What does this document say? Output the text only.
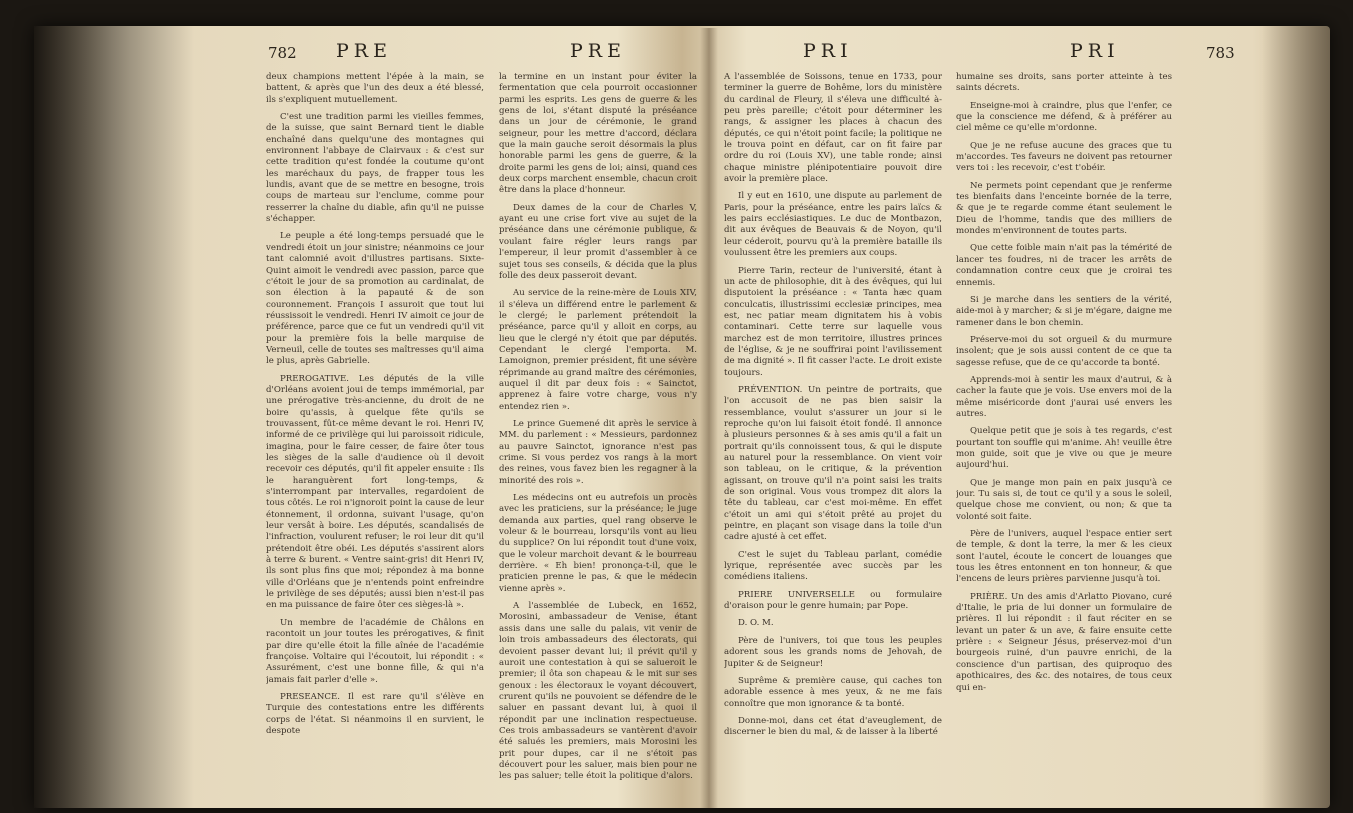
782 PRE	PRE

deux champions mettent l'épée à la main, se battent, & après que l'un des deux a été blessé, ils s'expliquent mutuellement.

C'est une tradition parmi les vieilles femmes, de la suisse, que saint Bernard tient le diable enchaîné dans quelqu'une des montagnes qui environnent l'abbaye de Clairvaux : & c'est sur cette tradition qu'est fondée la coutume qu'ont les maréchaux du pays, de frapper tous les lundis, avant que de se mettre en besogne, trois coups de marteau sur l'enclume, comme pour resserrer la chaîne du diable, afin qu'il ne puisse s'échapper.

Le peuple a été long-temps persuadé que le vendredi étoit un jour sinistre; néanmoins ce jour tant calomnié avoit d'illustres partisans. Sixte-Quint aimoit le vendredi avec passion, parce que c'étoit le jour de sa promotion au cardinalat, de son élection à la papauté & de son couronnement. François I assuroit que tout lui réussissoit le vendredi. Henri IV aimoit ce jour de préférence, parce que ce fut un vendredi qu'il vit pour la première fois la belle marquise de Verneuil, celle de toutes ses maîtresses qu'il aima le plus, après Gabrielle.

PREROGATIVE. Les députés de la ville d'Orléans avoient joui de temps immémorial, par une prérogative très-ancienne, du droit de ne boire qu'assis, à quelque fête qu'ils se trouvassent, fût-ce même devant le roi. Henri IV, informé de ce privilège qui lui paroissoit ridicule, imagina, pour le faire cesser, de faire ôter tous les sièges de la salle d'audience où il devoit recevoir ces députés, qu'il fit appeler ensuite : Ils le haranguèrent fort long-temps, & s'interrompant par intervalles, regardoient de tous côtés. Le roi n'ignoroit point la cause de leur étonnement, il ordonna, suivant l'usage, qu'on leur versât à boire. Les députés, scandalisés de l'infraction, voulurent refuser; le roi leur dit qu'il prétendoit être obéi. Les députés s'assirent alors à terre & burent. « Ventre saint-gris! dit Henri IV, ils sont plus fins que moi; répondez à ma bonne ville d'Orléans que je n'entends point enfreindre le privilège de ses députés; aussi bien n'est-il pas en ma puissance de faire ôter ces sièges-là ».

Un membre de l'académie de Châlons en racontoit un jour toutes les prérogatives, & finit par dire qu'elle étoit la fille aînée de l'académie françoise. Voltaire qui l'écoutoit, lui répondit : « Assurément, c'est une bonne fille, & qui n'a jamais fait parler d'elle ».

PRESEANCE. Il est rare qu'il s'élève en Turquie des contestations entre les différents corps de l'état. Si néanmoins il en survient, le despote

la termine en un instant pour éviter la fermentation que cela pourroit occasionner parmi les esprits. Les gens de guerre & les gens de loi, s'étant disputé la préséance dans un jour de cérémonie, le grand seigneur, pour les mettre d'accord, déclara que la main gauche seroit désormais la plus honorable parmi les gens de guerre, & la droite parmi les gens de loi; ainsi, quand ces deux corps marchent ensemble, chacun croit être dans la place d'honneur.

Deux dames de la cour de Charles V, ayant eu une crise fort vive au sujet de la préséance dans une cérémonie publique, & voulant faire régler leurs rangs par l'empereur, il leur promit d'assembler à ce sujet tous ses conseils, & décida que la plus folle des deux passeroit devant.

Au service de la reine-mère de Louis XIV, il s'éleva un différend entre le parlement & le clergé; le parlement prétendoit la préséance, parce qu'il y alloit en corps, au lieu que le clergé n'y étoit que par députés. Cependant le clergé l'emporta. M. Lamoignon, premier président, fit une sévère réprimande au grand maître des cérémonies, auquel il dit par deux fois : « Sainctot, apprenez à faire votre charge, vous n'y entendez rien ».

Le prince Guemené dit après le service à MM. du parlement : « Messieurs, pardonnez au pauvre Sainctot, ignorance n'est pas crime. Si vous perdez vos rangs à la mort des reines, vous favez bien les regagner à la minorité des rois ».

Les médecins ont eu autrefois un procès avec les praticiens, sur la préséance; le juge demanda aux parties, quel rang observe le voleur & le bourreau, lorsqu'ils vont au lieu du supplice? On lui répondit tout d'une voix, que le voleur marchoit devant & le bourreau derrière. « Eh bien! prononça-t-il, que le praticien prenne le pas, & que le médecin vienne après ».

A l'assemblée de Lubeck, en 1652, Morosini, ambassadeur de Venise, étant assis dans une salle du palais, vit venir de loin trois ambassadeurs des électorats, qui devoient passer devant lui; il prévit qu'il y auroit une contestation à qui se salueroit le premier; il ôta son chapeau & le mit sur ses genoux : les électoraux le voyant découvert, crurent qu'ils ne pouvoient se défendre de le saluer en passant devant lui, à quoi il répondit par une inclination respectueuse. Ces trois ambassadeurs se vantèrent d'avoir été salués les premiers, mais Morosini les prit pour dupes, car il ne s'étoit pas découvert pour les saluer, mais bien pour ne les pas saluer; telle étoit la politique d'alors.

PRI	PRI	783

A l'assemblée de Soissons, tenue en 1733, pour terminer la guerre de Bohême, lors du ministère du cardinal de Fleury, il s'éleva une difficulté à-peu près pareille; c'étoit pour déterminer les rangs, & assigner les places à chacun des députés, ce qui n'étoit point facile; la politique ne le trouva point en défaut, car on fit faire par ordre du roi (Louis XV), une table ronde; ainsi chaque ministre plénipotentiaire pouvoit dire avoir la première place.

Il y eut en 1610, une dispute au parlement de Paris, pour la préséance, entre les pairs laïcs & les pairs ecclésiastiques. Le duc de Montbazon, dit aux évêques de Beauvais & de Noyon, qu'il leur céderoit, pourvu qu'à la première bataille ils voulussent être les premiers aux coups.

Pierre Tarin, recteur de l'université, étant à un acte de philosophie, dit à des évêques, qui lui disputoient la préséance : « Tanta hæc quam conculcatis, illustrissimi ecclesiæ principes, mea est, nec patiar meam dignitatem his à vobis contaminari. Cette terre sur laquelle vous marchez est de mon territoire, illustres princes de l'église, & je ne souffrirai point l'avilissement de ma dignité ». Il fit casser l'acte. Le droit existe toujours.

PRÉVENTION. Un peintre de portraits, que l'on accusoit de ne pas bien saisir la ressemblance, voulut s'assurer un jour si le reproche qu'on lui faisoit étoit fondé. Il annonce à plusieurs personnes & à ses amis qu'il a fait un portrait qu'ils connoissent tous, & qui le dispute au naturel pour la ressemblance. On vient voir son tableau, on le critique, & la prévention agissant, on trouve qu'il n'a point saisi les traits de son original. Vous vous trompez dit alors la tête du tableau, car c'est moi-même. En effet c'étoit un ami qui s'étoit prêté au projet du peintre, en plaçant son visage dans la toile d'un cadre ajusté à cet effet.

C'est le sujet du Tableau parlant, comédie lyrique, représentée avec succès par les comédiens italiens.

PRIERE UNIVERSELLE ou formulaire d'oraison pour le genre humain; par Pope.

D. O. M.

Père de l'univers, toi que tous les peuples adorent sous les grands noms de Jehovah, de Jupiter & de Seigneur!

Suprême & première cause, qui caches ton adorable essence à mes yeux, & ne me fais connoître que mon ignorance & ta bonté.

Donne-moi, dans cet état d'aveuglement, de discerner le bien du mal, & de laisser à la liberté

humaine ses droits, sans porter atteinte à tes saints décrets.

Enseigne-moi à craindre, plus que l'enfer, ce que la conscience me défend, & à préférer au ciel même ce qu'elle m'ordonne.

Que je ne refuse aucune des graces que tu m'accordes. Tes faveurs ne doivent pas retourner vers toi : les recevoir, c'est t'obéir.

Ne permets point cependant que je renferme tes bienfaits dans l'enceinte bornée de la terre, & que je te regarde comme étant seulement le Dieu de l'homme, tandis que des milliers de mondes m'environnent de toutes parts.

Que cette foible main n'ait pas la témérité de lancer tes foudres, ni de tracer les arrêts de condamnation contre ceux que je croirai tes ennemis.

Si je marche dans les sentiers de la vérité, aide-moi à y marcher; & si je m'égare, daigne me ramener dans le bon chemin.

Préserve-moi du sot orgueil & du murmure insolent; que je sois aussi content de ce que ta sagesse refuse, que de ce qu'accorde ta bonté.

Apprends-moi à sentir les maux d'autrui, & à cacher la faute que je vois. Use envers moi de la même miséricorde dont j'aurai usé envers les autres.

Quelque petit que je sois à tes regards, c'est pourtant ton souffle qui m'anime. Ah! veuille être mon guide, soit que je vive ou que je meure aujourd'hui.

Que je mange mon pain en paix jusqu'à ce jour. Tu sais si, de tout ce qu'il y a sous le soleil, quelque chose me convient, ou non; & que ta volonté soit faite.

Père de l'univers, auquel l'espace entier sert de temple, & dont la terre, la mer & les cieux sont l'autel, écoute le concert de louanges que tous les êtres entonnent en ton honneur, & que l'encens de leurs prières parvienne jusqu'à toi.

PRIÈRE. Un des amis d'Arlatto Piovano, curé d'Italie, le pria de lui donner un formulaire de prières. Il lui répondit : il faut réciter en se levant un pater & un ave, & faire ensuite cette prière : « Seigneur Jésus, préservez-moi d'un bourgeois ruiné, d'un pauvre enrichi, de la conscience d'un partisan, des quiproquo des apothicaires, des &c. des notaires, de tous ceux qui en-
